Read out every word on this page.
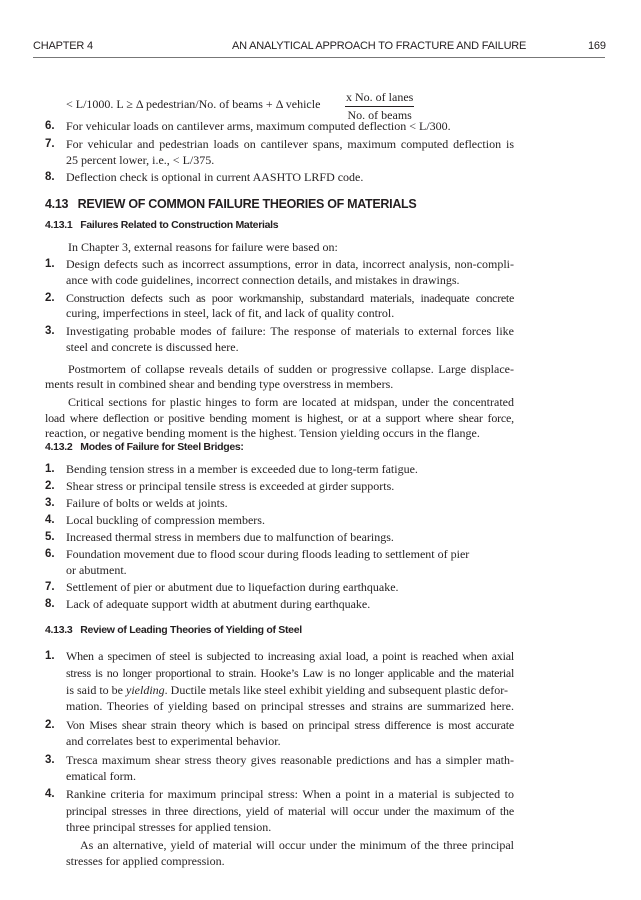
CHAPTER 4	AN ANALYTICAL APPROACH TO FRACTURE AND FAILURE	169
< L/1000. L ≥ Δ pedestrian/No. of beams + Δ vehicle x No. of lanes
No. of beams
6. For vehicular loads on cantilever arms, maximum computed deflection < L/300.
7. For vehicular and pedestrian loads on cantilever spans, maximum computed deflection is
25 percent lower, i.e., < L/375.
8. Deflection check is optional in current AASHTO LRFD code.
4.13 REVIEW OF COMMON FAILURE THEORIES OF MATERIALS
4.13.1 Failures Related to Construction Materials
In Chapter 3, external reasons for failure were based on:
1. Design defects such as incorrect assumptions, error in data, incorrect analysis, non-compli-
ance with code guidelines, incorrect connection details, and mistakes in drawings.
2. Construction defects such as poor workmanship, substandard materials, inadequate concrete
curing, imperfections in steel, lack of fit, and lack of quality control.
3. Investigating probable modes of failure: The response of materials to external forces like
steel and concrete is discussed here.
Postmortem of collapse reveals details of sudden or progressive collapse. Large displace-
ments result in combined shear and bending type overstress in members.
Critical sections for plastic hinges to form are located at midspan, under the concentrated
load where deflection or positive bending moment is highest, or at a support where shear force,
reaction, or negative bending moment is the highest. Tension yielding occurs in the flange.
4.13.2 Modes of Failure for Steel Bridges:
1. Bending tension stress in a member is exceeded due to long-term fatigue.
2. Shear stress or principal tensile stress is exceeded at girder supports.
3. Failure of bolts or welds at joints.
4. Local buckling of compression members.
5. Increased thermal stress in members due to malfunction of bearings.
6. Foundation movement due to flood scour during floods leading to settlement of pier
or abutment.
7. Settlement of pier or abutment due to liquefaction during earthquake.
8. Lack of adequate support width at abutment during earthquake.
4.13.3 Review of Leading Theories of Yielding of Steel
1. When a specimen of steel is subjected to increasing axial load, a point is reached when axial
stress is no longer proportional to strain. Hooke’s Law is no longer applicable and the material
is said to be yielding. Ductile metals like steel exhibit yielding and subsequent plastic defor-
mation. Theories of yielding based on principal stresses and strains are summarized here.
2. Von Mises shear strain theory which is based on principal stress difference is most accurate
and correlates best to experimental behavior.
3. Tresca maximum shear stress theory gives reasonable predictions and has a simpler math-
ematical form.
4. Rankine criteria for maximum principal stress: When a point in a material is subjected to
principal stresses in three directions, yield of material will occur under the maximum of the
three principal stresses for applied tension.
As an alternative, yield of material will occur under the minimum of the three principal
stresses for applied compression.
